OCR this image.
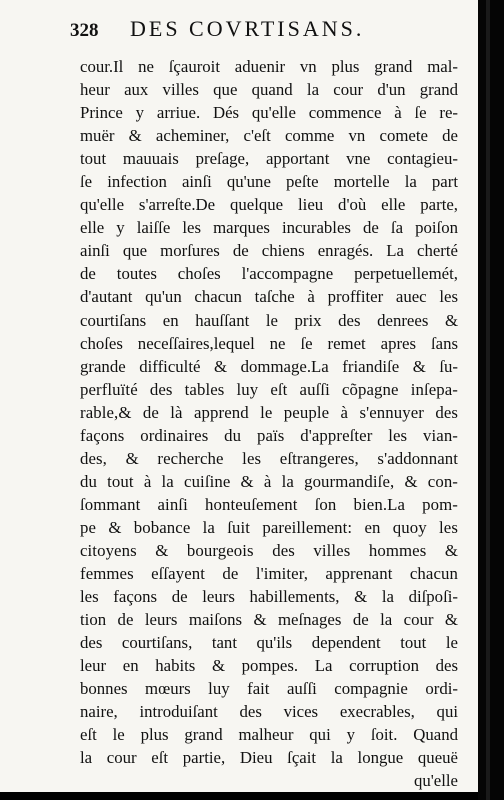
328 DES COVRTISANS.
cour.Il ne ſçauroit aduenir vn plus grand mal-
heur aux villes que quand la cour d'un grand
Prince y arriue. Dés qu'elle commence à ſe re-
muër & acheminer, c'eſt comme vn comete de
tout mauuais preſage, apportant vne contagieu-
ſe infection ainſi qu'une peſte mortelle la part
qu'elle s'arreſte.De quelque lieu d'où elle parte,
elle y laiſſe les marques incurables de ſa poiſon
ainſi que morſures de chiens enragés. La cherté
de toutes choſes l'accompagne perpetuellemét,
d'autant qu'un chacun taſche à proffiter auec les
courtiſans en hauſſant le prix des denrees &
choſes neceſſaires,lequel ne ſe remet apres ſans
grande difficulté & dommage.La friandiſe & ſu-
perfluïté des tables luy eſt auſſi cõpagne inſepa-
rable,& de là apprend le peuple à s'ennuyer des
façons ordinaires du païs d'appreſter les vian-
des, & recherche les eſtrangeres, s'addonnant
du tout à la cuiſine & à la gourmandiſe, & con-
ſommant ainſi honteuſement ſon bien.La pom-
pe & bobance la ſuit pareillement: en quoy les
citoyens & bourgeois des villes hommes &
femmes eſſayent de l'imiter, apprenant chacun
les façons de leurs habillements, & la diſpoſi-
tion de leurs maiſons & meſnages de la cour &
des courtiſans, tant qu'ils dependent tout le
leur en habits & pompes. La corruption des
bonnes mœurs luy fait auſſi compagnie ordi-
naire, introduiſant des vices execrables, qui
eſt le plus grand malheur qui y ſoit. Quand
la cour eſt partie, Dieu ſçait la longue queuë
qu'elle
